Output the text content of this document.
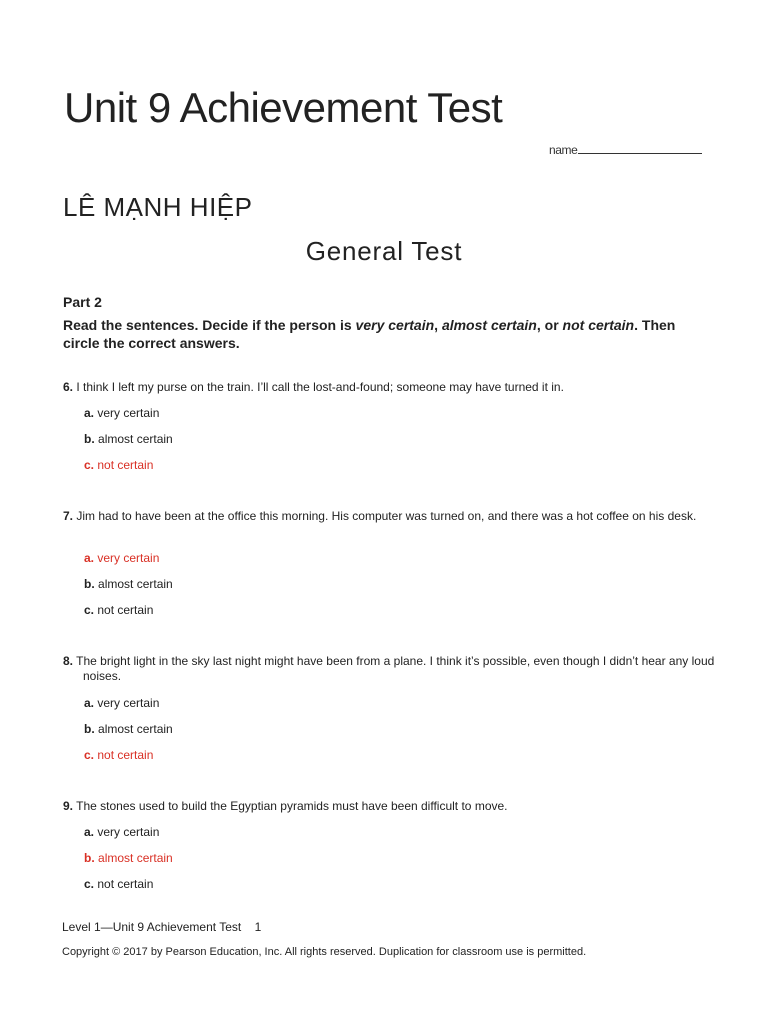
Unit 9 Achievement Test
name
LÊ MẠNH HIỆP
General Test
Part 2
Read the sentences. Decide if the person is very certain, almost certain, or not certain. Then circle the correct answers.
6. I think I left my purse on the train. I’ll call the lost-and-found; someone may have turned it in.
a. very certain
b. almost certain
c. not certain
7. Jim had to have been at the office this morning. His computer was turned on, and there was a hot coffee on his desk.
a. very certain
b. almost certain
c. not certain
8. The bright light in the sky last night might have been from a plane. I think it’s possible, even though I didn’t hear any loud noises.
a. very certain
b. almost certain
c. not certain
9. The stones used to build the Egyptian pyramids must have been difficult to move.
a. very certain
b. almost certain
c. not certain
Level 1—Unit 9 Achievement Test 1
Copyright © 2017 by Pearson Education, Inc. All rights reserved. Duplication for classroom use is permitted.
